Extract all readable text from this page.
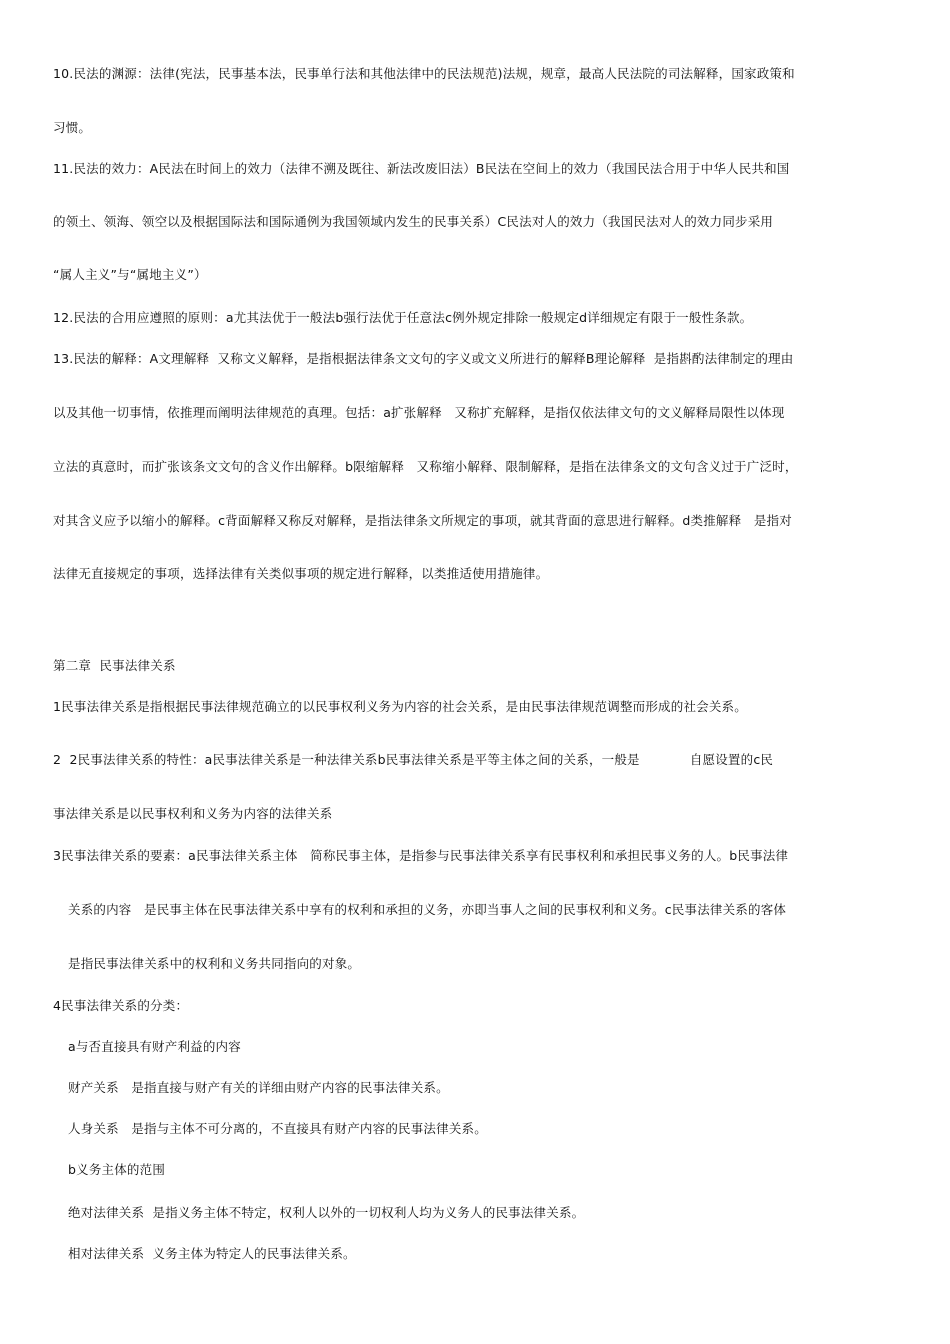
10.民法的渊源：法律(宪法，民事基本法，民事单行法和其他法律中的民法规范)法规，规章，最高人民法院的司法解释，国家政策和
习惯。
11.民法的效力：A民法在时间上的效力（法律不溯及既往、新法改废旧法）B民法在空间上的效力（我国民法合用于中华人民共和国
的领土、领海、领空以及根据国际法和国际通例为我国领域内发生的民事关系）C民法对人的效力（我国民法对人的效力同步采用
“属人主义”与“属地主义”）
12.民法的合用应遵照的原则：a尤其法优于一般法b强行法优于任意法c例外规定排除一般规定d详细规定有限于一般性条款。
13.民法的解释：A文理解释  又称文义解释，是指根据法律条文文句的字义或文义所进行的解释B理论解释  是指斟酌法律制定的理由
以及其他一切事情，依推理而阐明法律规范的真理。包括：a扩张解释   又称扩充解释，是指仅依法律文句的文义解释局限性以体现
立法的真意时，而扩张该条文文句的含义作出解释。b限缩解释   又称缩小解释、限制解释，是指在法律条文的文句含义过于广泛时，
对其含义应予以缩小的解释。c背面解释又称反对解释，是指法律条文所规定的事项，就其背面的意思进行解释。d类推解释   是指对
法律无直接规定的事项，选择法律有关类似事项的规定进行解释，以类推适使用措施律。
第二章  民事法律关系
1民事法律关系是指根据民事法律规范确立的以民事权利义务为内容的社会关系，是由民事法律规范调整而形成的社会关系。
2  2民事法律关系的特性：a民事法律关系是一种法律关系b民事法律关系是平等主体之间的关系，一般是            自愿设置的c民
事法律关系是以民事权利和义务为内容的法律关系
3民事法律关系的要素：a民事法律关系主体   简称民事主体，是指参与民事法律关系享有民事权利和承担民事义务的人。b民事法律
关系的内容   是民事主体在民事法律关系中享有的权利和承担的义务，亦即当事人之间的民事权利和义务。c民事法律关系的客体
是指民事法律关系中的权利和义务共同指向的对象。
4民事法律关系的分类：
a与否直接具有财产利益的内容
财产关系   是指直接与财产有关的详细由财产内容的民事法律关系。
人身关系   是指与主体不可分离的，不直接具有财产内容的民事法律关系。
b义务主体的范围
绝对法律关系  是指义务主体不特定，权利人以外的一切权利人均为义务人的民事法律关系。
相对法律关系  义务主体为特定人的民事法律关系。
